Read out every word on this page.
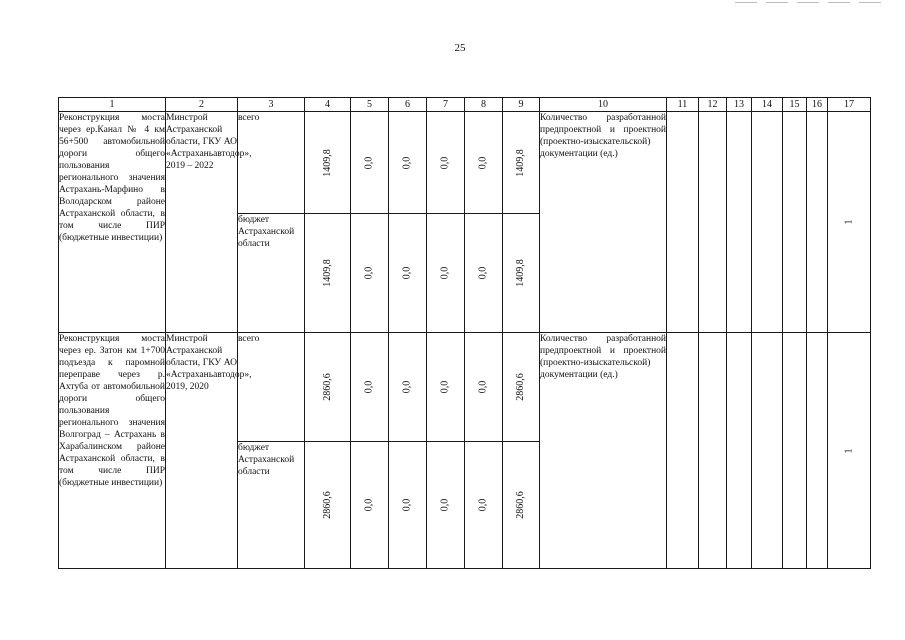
25
1	2	3	4	5	6	7	8	9	10	11	12	13	14	15	16	17
Реконструкция моста через ер.Канал № 4 км 56+500 автомобильной дороги общего пользования регионального значения Астрахань-Марфино в Володарском районе Астраханской области, в том числе ПИР (бюджетные инвестиции)	Минстрой Астраханской области, ГКУ АО «Астраханьавтодор», 2019 – 2022	всего	1409,8	0,0	0,0	0,0	0,0	1409,8	Количество разработанной предпроектной и проектной (проектно-изыскательской) документации (ед.)							1
		бюджет Астраханской области	1409,8	0,0	0,0	0,0	0,0	1409,8								
Реконструкция моста через ер. Затон км 1+700 подъезда к паромной переправе через р. Ахтуба от автомобильной дороги общего пользования регионального значения Волгоград – Астрахань в Харабалинском районе Астраханской области, в том числе ПИР (бюджетные инвестиции)	Минстрой Астраханской области, ГКУ АО «Астраханьавтодор», 2019, 2020	всего	2860,6	0,0	0,0	0,0	0,0	2860,6	Количество разработанной предпроектной и проектной (проектно-изыскательской) документации (ед.)							1
		бюджет Астраханской области	2860,6	0,0	0,0	0,0	0,0	2860,6								
